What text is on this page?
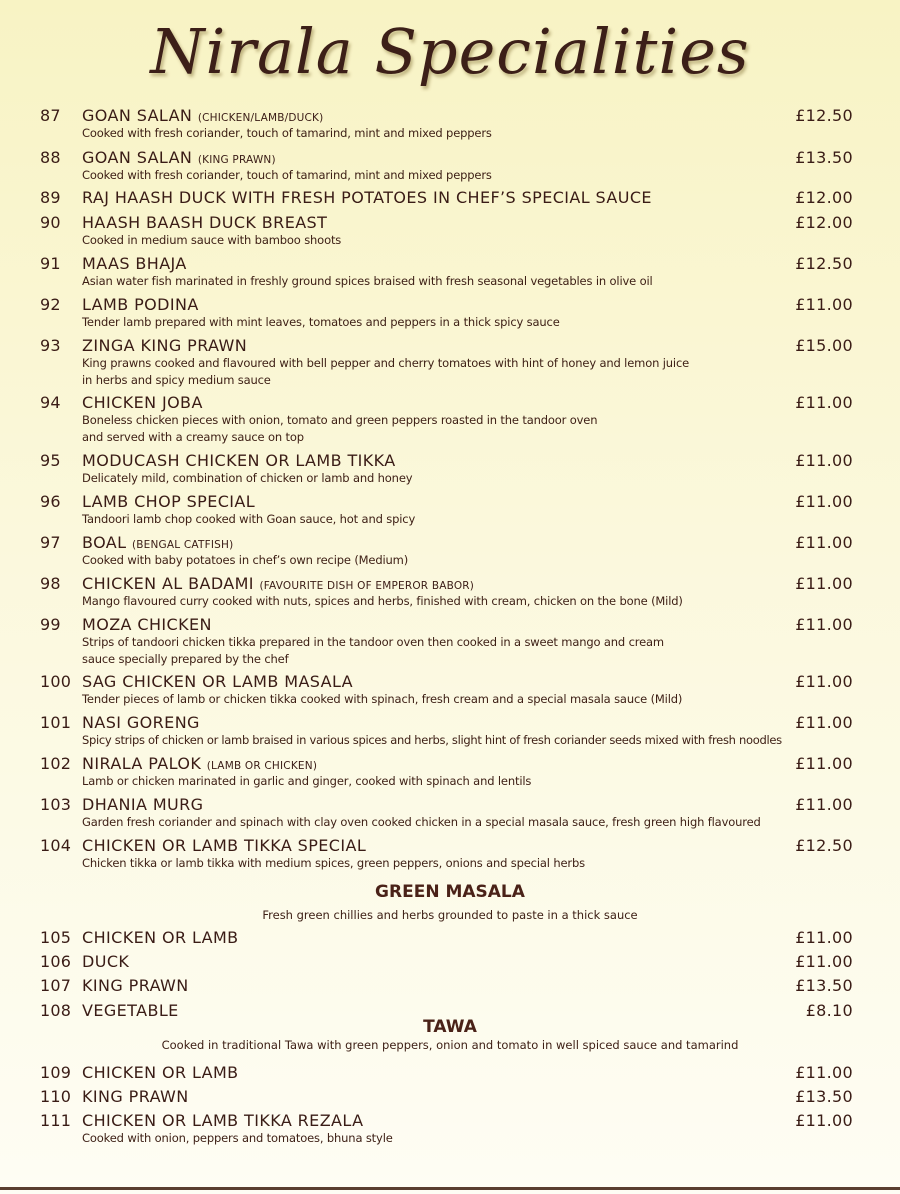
Nirala Specialities
87 GOAN SALAN (CHICKEN/LAMB/DUCK)	£12.50
Cooked with fresh coriander, touch of tamarind, mint and mixed peppers
88 GOAN SALAN (KING PRAWN)	£13.50
Cooked with fresh coriander, touch of tamarind, mint and mixed peppers
89 RAJ HAASH DUCK WITH FRESH POTATOES IN CHEF’S SPECIAL SAUCE	£12.00
90 HAASH BAASH DUCK BREAST	£12.00
Cooked in medium sauce with bamboo shoots
91 MAAS BHAJA	£12.50
Asian water fish marinated in freshly ground spices braised with fresh seasonal vegetables in olive oil
92 LAMB PODINA	£11.00
Tender lamb prepared with mint leaves, tomatoes and peppers in a thick spicy sauce
93 ZINGA KING PRAWN	£15.00
King prawns cooked and flavoured with bell pepper and cherry tomatoes with hint of honey and lemon juice
in herbs and spicy medium sauce
94 CHICKEN JOBA	£11.00
Boneless chicken pieces with onion, tomato and green peppers roasted in the tandoor oven
and served with a creamy sauce on top
95 MODUCASH CHICKEN OR LAMB TIKKA	£11.00
Delicately mild, combination of chicken or lamb and honey
96 LAMB CHOP SPECIAL	£11.00
Tandoori lamb chop cooked with Goan sauce, hot and spicy
97 BOAL (BENGAL CATFISH)	£11.00
Cooked with baby potatoes in chef’s own recipe (Medium)
98 CHICKEN AL BADAMI (FAVOURITE DISH OF EMPEROR BABOR)	£11.00
Mango flavoured curry cooked with nuts, spices and herbs, finished with cream, chicken on the bone (Mild)
99 MOZA CHICKEN	£11.00
Strips of tandoori chicken tikka prepared in the tandoor oven then cooked in a sweet mango and cream
sauce specially prepared by the chef
100 SAG CHICKEN OR LAMB MASALA	£11.00
Tender pieces of lamb or chicken tikka cooked with spinach, fresh cream and a special masala sauce (Mild)
101 NASI GORENG	£11.00
Spicy strips of chicken or lamb braised in various spices and herbs, slight hint of fresh coriander seeds mixed with fresh noodles
102 NIRALA PALOK (LAMB OR CHICKEN)	£11.00
Lamb or chicken marinated in garlic and ginger, cooked with spinach and lentils
103 DHANIA MURG	£11.00
Garden fresh coriander and spinach with clay oven cooked chicken in a special masala sauce, fresh green high flavoured
104 CHICKEN OR LAMB TIKKA SPECIAL	£12.50
Chicken tikka or lamb tikka with medium spices, green peppers, onions and special herbs
GREEN MASALA
Fresh green chillies and herbs grounded to paste in a thick sauce
105 CHICKEN OR LAMB	£11.00
106 DUCK	£11.00
107 KING PRAWN	£13.50
108 VEGETABLE	£8.10
TAWA
Cooked in traditional Tawa with green peppers, onion and tomato in well spiced sauce and tamarind
109 CHICKEN OR LAMB	£11.00
110 KING PRAWN	£13.50
111 CHICKEN OR LAMB TIKKA REZALA	£11.00
Cooked with onion, peppers and tomatoes, bhuna style
